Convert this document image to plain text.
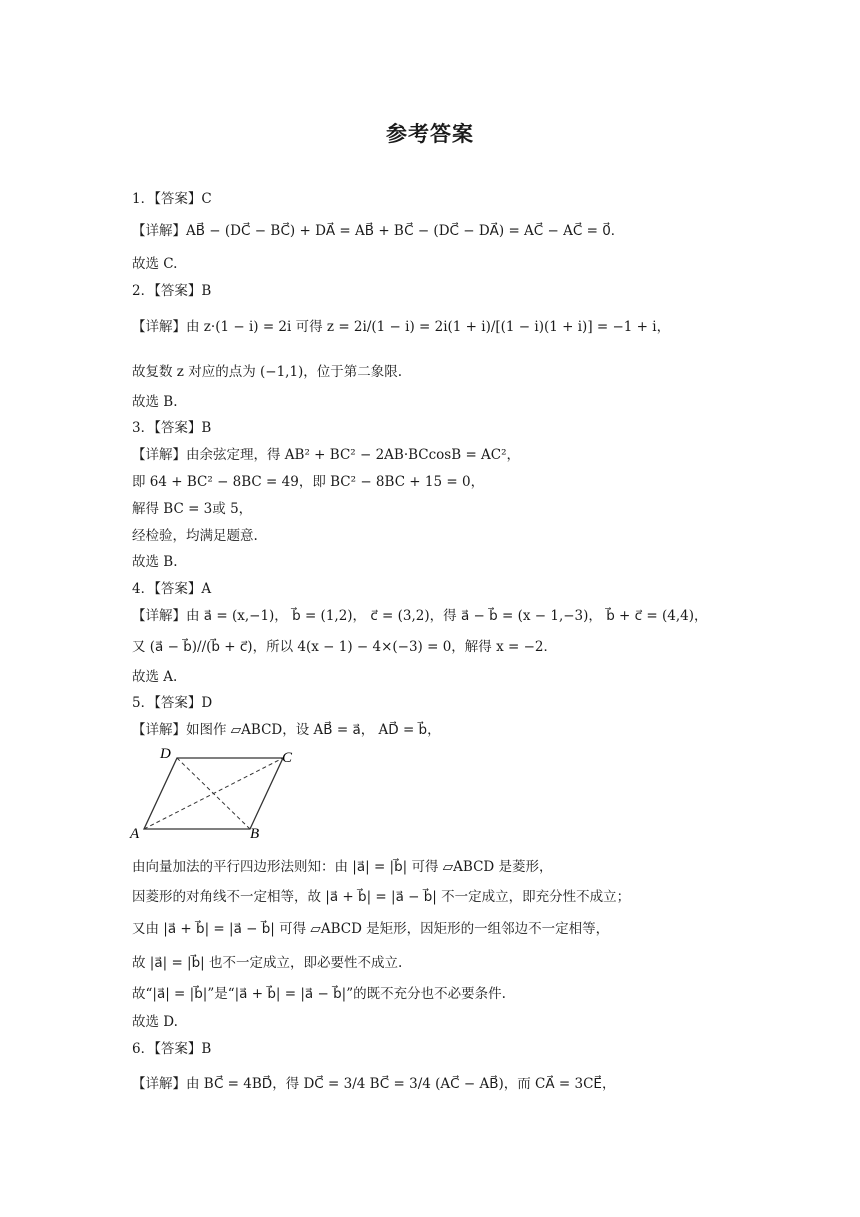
参考答案
1．【答案】C
【详解】AB⃗ − (DC⃗ − BC⃗) + DA⃗ = AB⃗ + BC⃗ − (DC⃗ − DA⃗) = AC⃗ − AC⃗ = 0⃗．
故选 C.
2．【答案】B
【详解】由 z·(1 − i) = 2i 可得 z = 2i/(1 − i) = 2i(1 + i)/[(1 − i)(1 + i)] = −1 + i，
故复数 z 对应的点为 (−1,1)，位于第二象限.
故选 B.
3．【答案】B
【详解】由余弦定理，得 AB² + BC² − 2AB·BCcosB = AC²，
即 64 + BC² − 8BC = 49，即 BC² − 8BC + 15 = 0，
解得 BC = 3或 5，
经检验，均满足题意.
故选 B.
4．【答案】A
【详解】由 a⃗ = (x,−1)， b⃗ = (1,2)， c⃗ = (3,2)，得 a⃗ − b⃗ = (x − 1,−3)， b⃗ + c⃗ = (4,4)，
又 (a⃗ − b⃗)//(b⃗ + c⃗)，所以 4(x − 1) − 4×(−3) = 0，解得 x = −2．
故选 A.
5．【答案】D
【详解】如图作 ▱ABCD，设 AB⃗ = a⃗， AD⃗ = b⃗，
由向量加法的平行四边形法则知：由 |a⃗| = |b⃗| 可得 ▱ABCD 是菱形，
因菱形的对角线不一定相等，故 |a⃗ + b⃗| = |a⃗ − b⃗| 不一定成立，即充分性不成立；
又由 |a⃗ + b⃗| = |a⃗ − b⃗| 可得 ▱ABCD 是矩形，因矩形的一组邻边不一定相等，
故 |a⃗| = |b⃗| 也不一定成立，即必要性不成立.
故“|a⃗| = |b⃗|”是“|a⃗ + b⃗| = |a⃗ − b⃗|”的既不充分也不必要条件.
故选 D.
6．【答案】B
【详解】由 BC⃗ = 4BD⃗，得 DC⃗ = 3/4 BC⃗ = 3/4 (AC⃗ − AB⃗)，而 CA⃗ = 3CE⃗，
A	B
C
D
